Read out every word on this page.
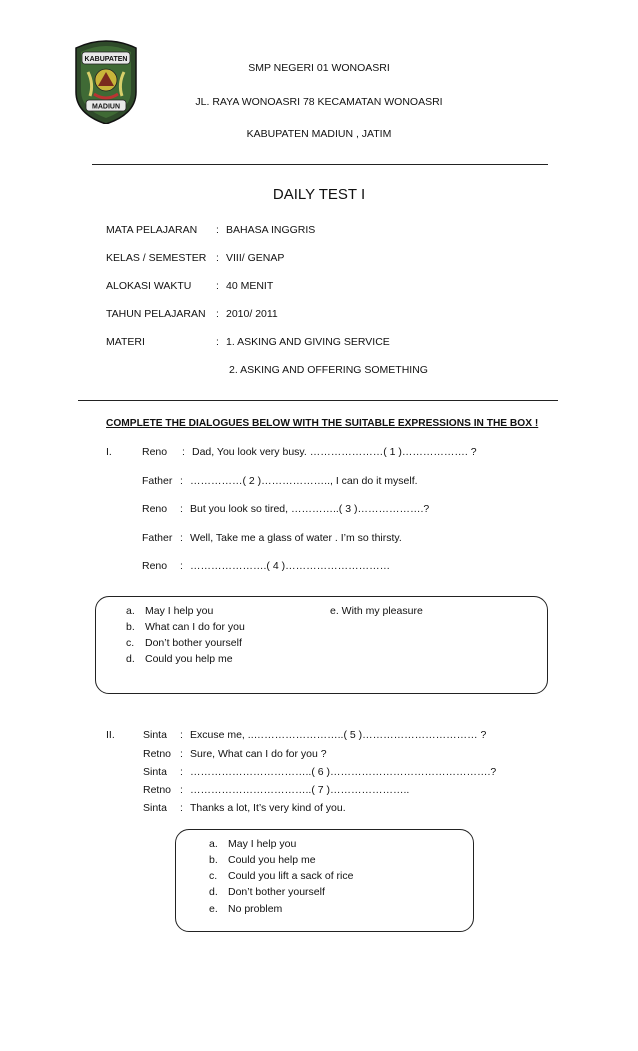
KABUPATEN
MADIUN
SMP NEGERI 01 WONOASRI
JL. RAYA WONOASRI 78 KECAMATAN WONOASRI
KABUPATEN MADIUN , JATIM
DAILY TEST I
MATA PELAJARAN : BAHASA INGGRIS
KELAS / SEMESTER : VIII/ GENAP
ALOKASI WAKTU : 40 MENIT
TAHUN PELAJARAN : 2010/ 2011
MATERI	: 1. ASKING AND GIVING SERVICE
2. ASKING AND OFFERING SOMETHING
COMPLETE THE DIALOGUES BELOW WITH THE SUITABLE EXPRESSIONS IN THE BOX !
I.	Reno : Dad, You look very busy. …………………( 1 )………………. ?
Father : ……………( 2 )……………….., I can do it myself.
Reno : But you look so tired, …………..( 3 )……………….?
Father : Well, Take me a glass of water . I’m so thirsty.
Reno : ………………….( 4 )…………………………
a. May I help you
b. What can I do for you
c. Don’t bother yourself
d. Could you help me
e. With my pleasure
II.	Sinta : Excuse me, ..……………………..( 5 )…………………………… ?
Retno : Sure, What can I do for you ?
Sinta : ……………………………..( 6 )……………………………………….?
Retno : ……………………………..( 7 )…………………..
Sinta : Thanks a lot, It’s very kind of you.
a. May I help you
b. Could you help me
c. Could you lift a sack of rice
d. Don’t bother yourself
e. No problem
